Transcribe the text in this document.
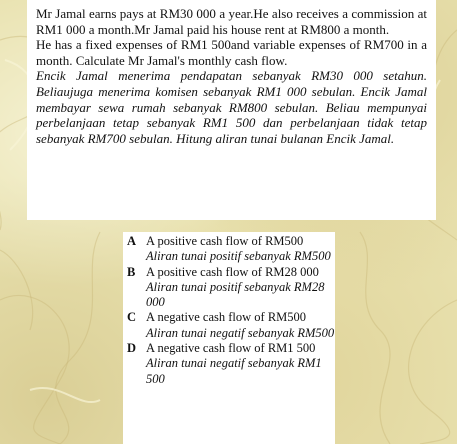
Mr Jamal earns pays at RM30 000 a year.He also receives a commission at RM1 000 a month.Mr Jamal paid his house rent at RM800 a month.

He has a fixed expenses of RM1 500and variable expenses of RM700 in a month. Calculate Mr Jamal's monthly cash flow.

Encik Jamal menerima pendapatan sebanyak RM30 000 setahun. Beliaujuga menerima komisen sebanyak RM1 000 sebulan. Encik Jamal membayar sewa rumah sebanyak RM800 sebulan. Beliau mempunyai perbelanjaan tetap sebanyak RM1 500 dan perbelanjaan tidak tetap sebanyak RM700 sebulan. Hitung aliran tunai bulanan Encik Jamal.

A A positive cash flow of RM500
Aliran tunai positif sebanyak RM500
B A positive cash flow of RM28 000
Aliran tunai positif sebanyak RM28 000
C A negative cash flow of RM500
Aliran tunai negatif sebanyak RM500
D A negative cash flow of RM1 500
Aliran tunai negatif sebanyak RM1 500
